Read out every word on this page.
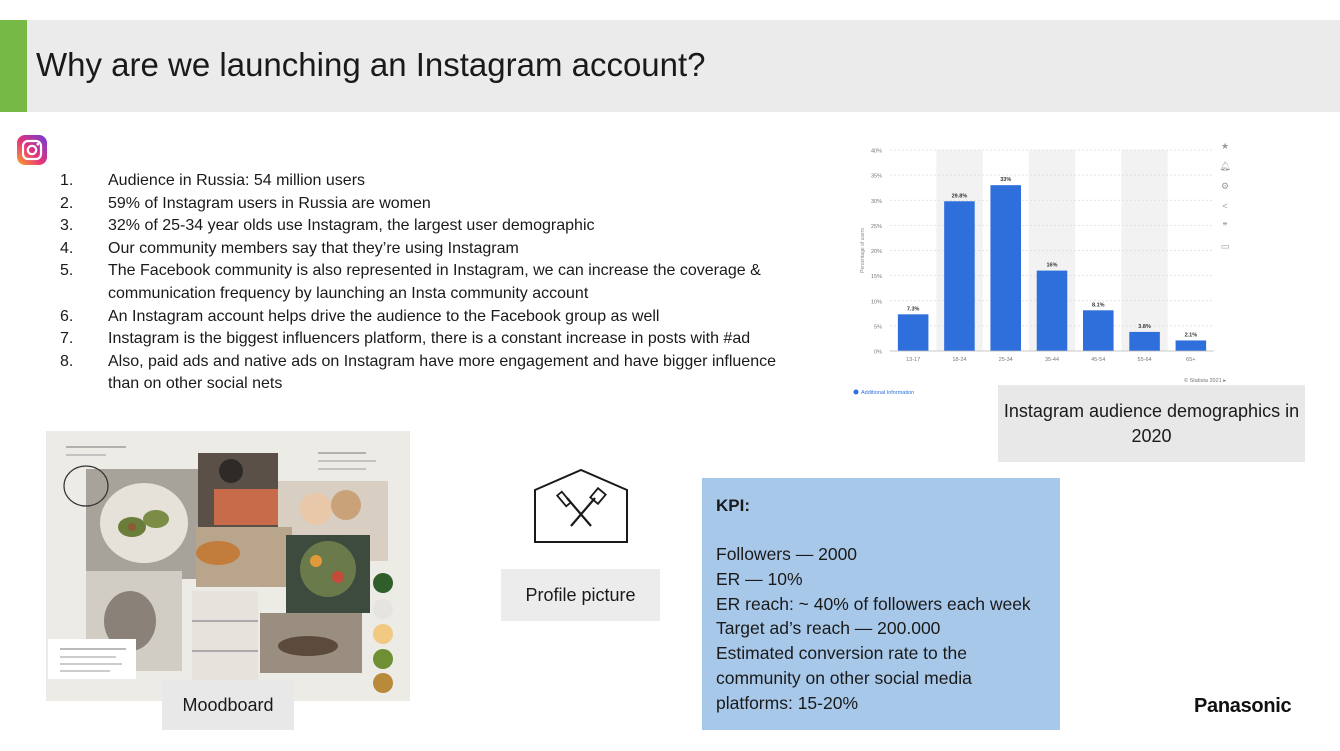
Why are we launching an Instagram account?
1. Audience in Russia: 54 million users
2. 59% of Instagram users in Russia are women
3. 32% of 25-34 year olds use Instagram, the largest user demographic
4. Our community members say that they’re using Instagram
5. The Facebook community is also represented in Instagram, we can increase the coverage & communication frequency by launching an Insta community account
6. An Instagram account helps drive the audience to the Facebook group as well
7. Instagram is the biggest influencers platform, there is a constant increase in posts with #ad
8. Also, paid ads and native ads on Instagram have more engagement and have bigger influence than on other social nets
0%
5%
10%
15%
20%
25%
30%
35%
40%
Percentage of users
7.3%
13-17
29.8%
18-24
33%
25-34
16%
35-44
8.1%
45-54
3.8%
55-64
2.1%
65+
© Statista 2021 ▸
Additional Information
★
🔔︎
⚙
<
❞
▭
Instagram audience demographics in 2020
Moodboard
Profile picture
KPI:
Followers — 2000
ER — 10%
ER reach: ~ 40% of followers each week
Target ad’s reach — 200.000
Estimated conversion rate to the community on other social media platforms: 15-20%	Panasonic
